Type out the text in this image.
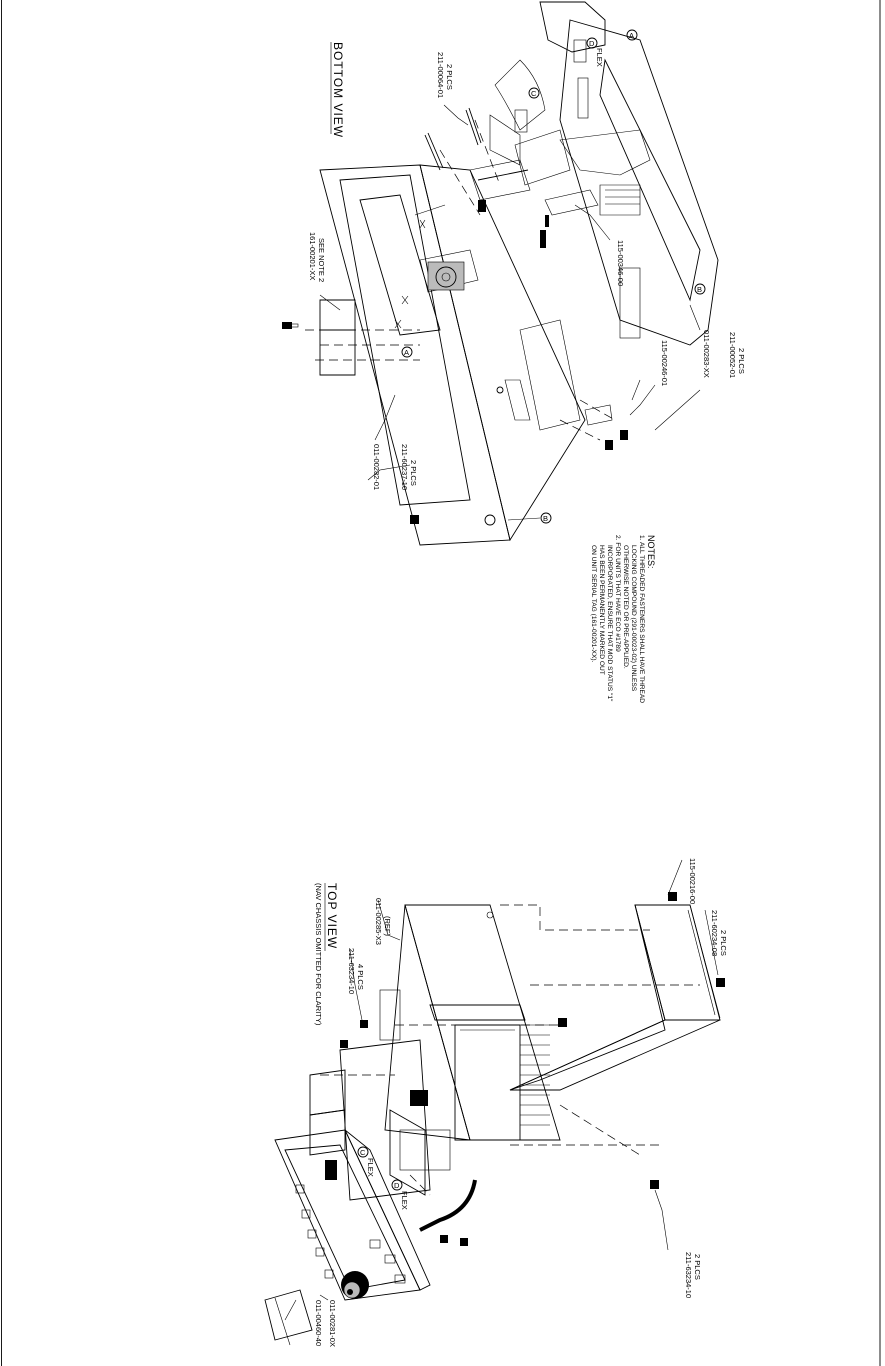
BOTTOM VIEW
A
D
FLEX
C
B
A
B
211-00064-01 2 PLCS
161-00201-XX SEE NOTE 2	115-00346-00
211-00052-01 2 PLCS
011-00283-XX
115-00246-01
211-60237-10 2 PLCS
011-00282-01
NOTES:
1. ALL THREADED FASTENERS SHALL HAVE THREAD
LOCKING COMPOUND (291-00023-02) UNLESS
OTHERWISE NOTED OR PRE-APPLIED.
2. FOR UNITS THAT HAVE ECO #1789
INCORPORATED, ENSURE THAT MOD STATUS "1"
HAS BEEN PERMANENTLY MARKED OUT
ON UNIT SERIAL TAG (161-00201-XX).
TOP VIEW
(NAV CHASSIS OMITTED FOR CLARITY)
C
FLEX
D
FLEX
115-00216-00
211-60234-08 2 PLCS
011-00285-X3 (REF)
211-63234-10 4 PLCS
211-63234-10 2 PLCS
011-00281-0X
011-00460-40
